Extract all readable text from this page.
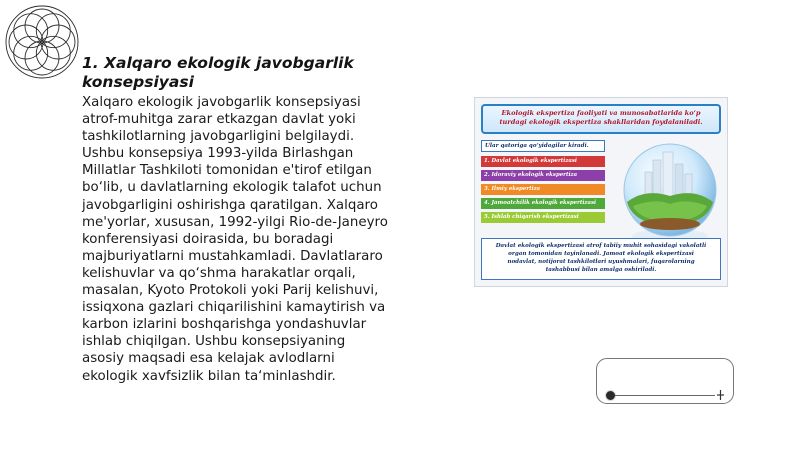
1. Xalqaro ekologik javobgarlik
konsepsiyasi

Xalqaro ekologik javobgarlik konsepsiyasi
atrof-muhitga zarar etkazgan davlat yoki
tashkilotlarning javobgarligini belgilaydi.
Ushbu konsepsiya 1993-yilda Birlashgan
Millatlar Tashkiloti tomonidan e'tirof etilgan
bo‘lib, u davlatlarning ekologik talafot uchun
javobgarligini oshirishga qaratilgan. Xalqaro
me'yorlar, xususan, 1992-yilgi Rio-de-Janeyro
konferensiyasi doirasida, bu boradagi
majburiyatlarni mustahkamladi. Davlatlararo
kelishuvlar va qo‘shma harakatlar orqali,
masalan, Kyoto Protokoli yoki Parij kelishuvi,
issiqxona gazlari chiqarilishini kamaytirish va
karbon izlarini boshqarishga yondashuvlar
ishlab chiqilgan. Ushbu konsepsiyaning
asosiy maqsadi esa kelajak avlodlarni
ekologik xavfsizlik bilan ta‘minlashdir.

Ekologik ekspertiza faoliyati va munosabatlarida ko‘p
turdagi ekologik ekspertiza shakllaridan foydalaniladi.
Ular qatoriga qo‘yidagilar kiradi.
1. Davlat ekologik ekspertizasi
2. Idoraviy ekologik ekspertiza
3. Ilmiy ekspertiza
4. Jamoatchilik ekologik ekspertizasi
5. Ishlab chiqarish ekspertizasi
Davlat ekologik ekspertizasi atrof tabiiy muhit sohasidagi vakolatli
organ tomonidan tayinlanadi. Jamoat ekologik ekspertizasi
nodavlat, notijorat tashkilotlari uyushmalari, fuqarolarning
tashabbusi bilan amalga oshiriladi.
